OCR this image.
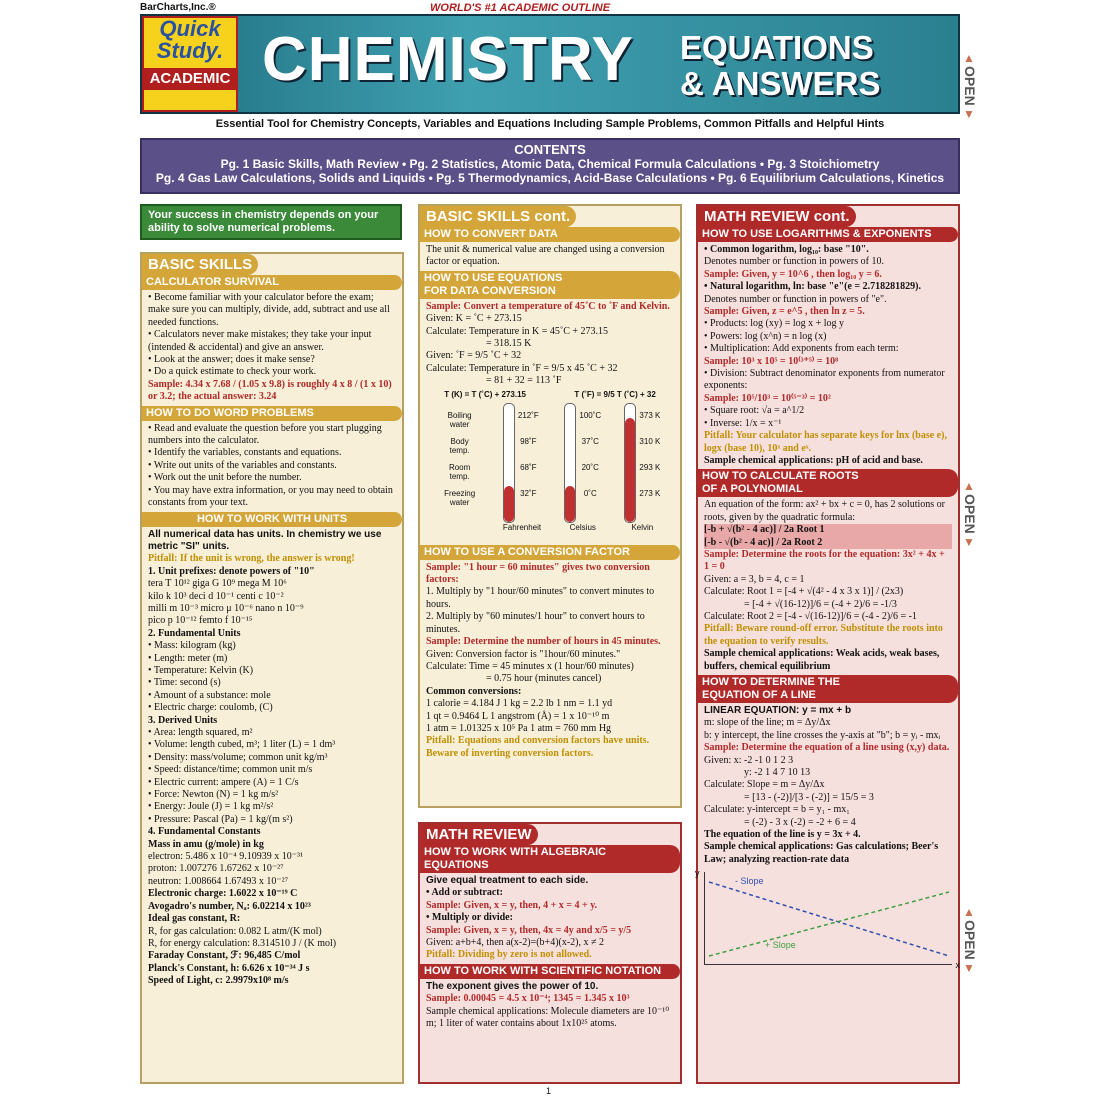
BarCharts,Inc.®	WORLD'S #1 ACADEMIC OUTLINE
Quick
Study.
ACADEMIC CHEMISTRY EQUATIONS
& ANSWERS
Essential Tool for Chemistry Concepts, Variables and Equations Including Sample Problems, Common Pitfalls and Helpful Hints
CONTENTS
Pg. 1 Basic Skills, Math Review • Pg. 2 Statistics, Atomic Data, Chemical Formula Calculations • Pg. 3 Stoichiometry
Pg. 4 Gas Law Calculations, Solids and Liquids • Pg. 5 Thermodynamics, Acid-Base Calculations • Pg. 6 Equilibrium Calculations, Kinetics
▲
OPEN
▼
▲
OPEN
▼
▲
OPEN
▼
Your success in chemistry depends on your ability to solve numerical problems.
BASIC SKILLS
CALCULATOR SURVIVAL

• Become familiar with your calculator before the exam; make sure you can multiply, divide, add, subtract and use all needed functions.

• Calculators never make mistakes; they take your input (intended & accidental) and give an answer.

• Look at the answer; does it make sense?

• Do a quick estimate to check your work.

Sample: 4.34 x 7.68 / (1.05 x 9.8) is roughly 4 x 8 / (1 x 10) or 3.2; the actual answer: 3.24

HOW TO DO WORD PROBLEMS

• Read and evaluate the question before you start plugging numbers into the calculator.

• Identify the variables, constants and equations.

• Write out units of the variables and constants.

• Work out the unit before the number.

• You may have extra information, or you may need to obtain constants from your text.

HOW TO WORK WITH UNITS

All numerical data has units. In chemistry we use metric "SI" units.

Pitfall: If the unit is wrong, the answer is wrong!

1. Unit prefixes: denote powers of "10"

tera T 10¹² giga G 10⁹ mega M 10⁶

kilo k 10³ deci d 10⁻¹ centi c 10⁻²

milli m 10⁻³ micro μ 10⁻⁶ nano n 10⁻⁹

pico p 10⁻¹² femto f 10⁻¹⁵

2. Fundamental Units

• Mass: kilogram (kg)

• Length: meter (m)

• Temperature: Kelvin (K)

• Time: second (s)

• Amount of a substance: mole

• Electric charge: coulomb, (C)

3. Derived Units

• Area: length squared, m²

• Volume: length cubed, m³; 1 liter (L) = 1 dm³

• Density: mass/volume; common unit kg/m³

• Speed: distance/time; common unit m/s

• Electric current: ampere (A) = 1 C/s

• Force: Newton (N) = 1 kg m/s²

• Energy: Joule (J) = 1 kg m²/s²

• Pressure: Pascal (Pa) = 1 kg/(m s²)

4. Fundamental Constants

Mass in amu (g/mole) in kg

electron: 5.486 x 10⁻⁴ 9.10939 x 10⁻³¹

proton: 1.007276 1.67262 x 10⁻²⁷

neutron: 1.008664 1.67493 x 10⁻²⁷

Electronic charge: 1.6022 x 10⁻¹⁹ C

Avogadro's number, Nₐ: 6.02214 x 10²³

Ideal gas constant, R:

R, for gas calculation: 0.082 L atm/(K mol)

R, for energy calculation: 8.314510 J / (K mol)

Faraday Constant, ℱ: 96,485 C/mol

Planck's Constant, h: 6.626 x 10⁻³⁴ J s

Speed of Light, c: 2.9979x10⁸ m/s

BASIC SKILLS cont.
HOW TO CONVERT DATA
The unit & numerical value are changed using a conversion factor or equation.
HOW TO USE EQUATIONS
FOR DATA CONVERSION

Sample: Convert a temperature of 45˚C to ˚F and Kelvin.

Given: K = ˚C + 273.15

Calculate: Temperature in K = 45˚C + 273.15

= 318.15 K

Given: ˚F = 9/5 ˚C + 32

Calculate: Temperature in ˚F = 9/5 x 45 ˚C + 32

= 81 + 32 = 113 ˚F

T (K) = T (˚C) + 273.15	T (˚F) = 9/5 T (˚C) + 32
Boiling water
Body temp.
Room temp.
Freezing water
212˚F
98˚F
68˚F
32˚F
Fahrenheit
100˚C
37˚C
20˚C
0˚C
Celsius
373 K
310 K
293 K
273 K
Kelvin
HOW TO USE A CONVERSION FACTOR

Sample: "1 hour = 60 minutes" gives two conversion factors:

1. Multiply by "1 hour/60 minutes" to convert minutes to hours.

2. Multiply by "60 minutes/1 hour" to convert hours to minutes.

Sample: Determine the number of hours in 45 minutes.

Given: Conversion factor is "1hour/60 minutes."

Calculate: Time = 45 minutes x (1 hour/60 minutes)

= 0.75 hour (minutes cancel)

Common conversions:

1 calorie = 4.184 J 1 kg = 2.2 lb 1 nm = 1.1 yd

1 qt = 0.9464 L 1 angstrom (Å) = 1 x 10⁻¹⁰ m

1 atm = 1.01325 x 10⁵ Pa 1 atm = 760 mm Hg

Pitfall: Equations and conversion factors have units. Beware of inverting conversion factors.

MATH REVIEW
HOW TO WORK WITH ALGEBRAIC
EQUATIONS

Give equal treatment to each side.

• Add or subtract:

Sample: Given, x = y, then, 4 + x = 4 + y.

• Multiply or divide:

Sample: Given, x = y, then, 4x = 4y and x/5 = y/5

Given: a+b+4, then a(x-2)=(b+4)(x-2), x ≠ 2

Pitfall: Dividing by zero is not allowed.

HOW TO WORK WITH SCIENTIFIC NOTATION

The exponent gives the power of 10.

Sample: 0.00045 = 4.5 x 10⁻⁴; 1345 = 1.345 x 10³

Sample chemical applications: Molecule diameters are 10⁻¹⁰ m; 1 liter of water contains about 1x10²⁵ atoms.

MATH REVIEW cont.
HOW TO USE LOGARITHMS & EXPONENTS

• Common logarithm, log₁₀: base "10".

Denotes number or function in powers of 10.

Sample: Given, y = 10^6 , then log₁₀ y = 6.

• Natural logarithm, ln: base "e"(e = 2.718281829).

Denotes number or function in powers of "e".

Sample: Given, z = e^5 , then ln z = 5.

• Products: log (xy) = log x + log y

• Powers: log (x^n) = n log (x)

• Multiplication: Add exponents from each term:

Sample: 10³ x 10⁵ = 10⁽³⁺⁵⁾ = 10⁸

• Division: Subtract denominator exponents from numerator exponents:

Sample: 10⁵/10³ = 10⁽⁵⁻³⁾ = 10²

• Square root: √a = a^1/2

• Inverse: 1/x = x⁻¹

Pitfall: Your calculator has separate keys for lnx (base e), logx (base 10), 10ˣ and eˣ.

Sample chemical applications: pH of acid and base.

HOW TO CALCULATE ROOTS
OF A POLYNOMIAL

An equation of the form: ax² + bx + c = 0, has 2 solutions or roots, given by the quadratic formula:

[-b + √(b² - 4 ac)] / 2a Root 1

[-b - √(b² - 4 ac)] / 2a Root 2

Sample: Determine the roots for the equation: 3x² + 4x + 1 = 0

Given: a = 3, b = 4, c = 1

Calculate: Root 1 = [-4 + √(4² - 4 x 3 x 1)] / (2x3)

= [-4 + √(16-12)]/6 = (-4 + 2)/6 = -1/3

Calculate: Root 2 = [-4 - √(16-12)]/6 = (-4 - 2)/6 = -1

Pitfall: Beware round-off error. Substitute the roots into the equation to verify results.

Sample chemical applications: Weak acids, weak bases, buffers, chemical equilibrium

HOW TO DETERMINE THE
EQUATION OF A LINE

LINEAR EQUATION: y = mx + b

m: slope of the line; m = Δy/Δx

b: y intercept, the line crosses the y-axis at "b"; b = yᵢ - mxᵢ

Sample: Determine the equation of a line using (x,y) data.

Given: x: -2 -1 0 1 2 3

y: -2 1 4 7 10 13

Calculate: Slope = m = Δy/Δx

= [13 - (-2)]/[3 - (-2)] = 15/5 = 3

Calculate: y-intercept = b = y₁ - mx₁

= (-2) - 3 x (-2) = -2 + 6 = 4

The equation of the line is y = 3x + 4.

Sample chemical applications: Gas calculations; Beer's Law; analyzing reaction-rate data

y
x
- Slope
+ Slope
1
